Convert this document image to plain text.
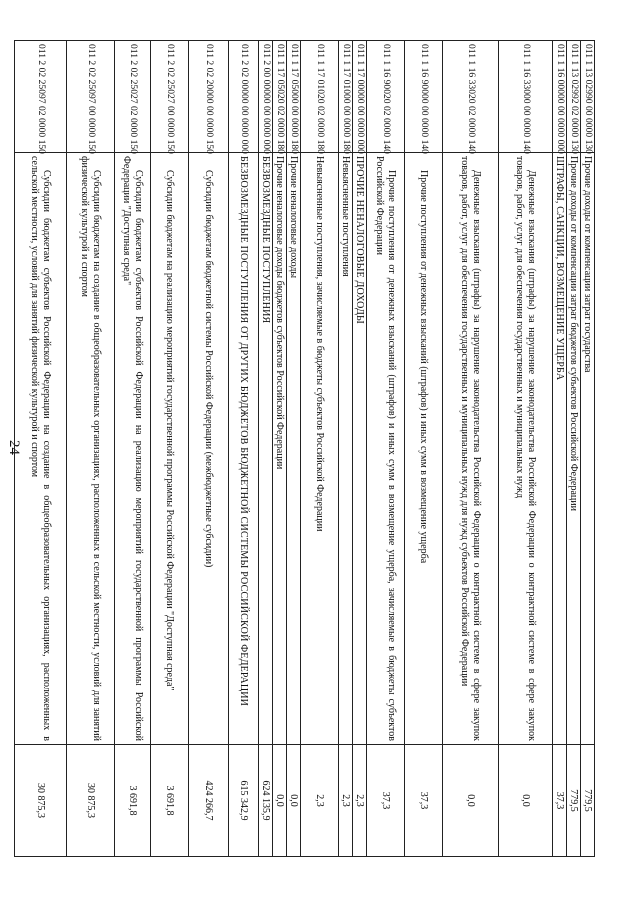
24
011 1 13 02990 00 0000 130	Прочие доходы от компенсации затрат государства	779,5
011 1 13 02992 02 0000 130	Прочие доходы от компенсации затрат бюджетов субъектов Российской Федерации	779,5
011 1 16 00000 00 0000 000	ШТРАФЫ, САНКЦИИ, ВОЗМЕЩЕНИЕ УЩЕРБА	37,3
011 1 16 33000 00 0000 140	Денежные взыскания (штрафы) за нарушение законодательства Российской Федерации о контрактной системе в сфере закупок товаров, работ, услуг для обеспечения государственных и муниципальных нужд	0,0
011 1 16 33020 02 0000 140	Денежные взыскания (штрафы) за нарушение законодательства Российской Федерации о контрактной системе в сфере закупок товаров, работ, услуг для обеспечения государственных и муниципальных нужд для нужд субъектов Российской Федерации	0,0
011 1 16 90000 00 0000 140	Прочие поступления от денежных взысканий (штрафов) и иных сумм в возмещение ущерба	37,3
011 1 16 90020 02 0000 140	Прочие поступления от денежных взысканий (штрафов) и иных сумм в возмещение ущерба, зачисляемые в бюджеты субъектов Российской Федерации	37,3
011 1 17 00000 00 0000 000	ПРОЧИЕ НЕНАЛОГОВЫЕ ДОХОДЫ	2,3
011 1 17 01000 00 0000 180	Невыясненные поступления	2,3
011 1 17 01020 02 0000 180	Невыясненные поступления, зачисляемые в бюджеты субъектов Российской Федерации	2,3
011 1 17 05000 00 0000 180	Прочие неналоговые доходы	0,0
011 1 17 05020 02 0000 180	Прочие неналоговые доходы бюджетов субъектов Российской Федерации	0,0
011 2 00 00000 00 0000 000	БЕЗВОЗМЕЗДНЫЕ ПОСТУПЛЕНИЯ	624 135,9
011 2 02 00000 00 0000 000	БЕЗВОЗМЕЗДНЫЕ ПОСТУПЛЕНИЯ ОТ ДРУГИХ БЮДЖЕТОВ БЮДЖЕТНОЙ СИСТЕМЫ РОССИЙСКОЙ ФЕДЕРАЦИИ	615 342,9
011 2 02 20000 00 0000 150	Субсидии бюджетам бюджетной системы Российской Федерации (межбюджетные субсидии)	424 266,7
011 2 02 25027 00 0000 150	Субсидии бюджетам на реализацию мероприятий государственной программы Российской Федерации "Доступная среда"	3 691,8
011 2 02 25027 02 0000 150	Субсидии бюджетам субъектов Российской Федерации на реализацию мероприятий государственной программы Российской Федерации "Доступная среда"	3 691,8
011 2 02 25097 00 0000 150	Субсидии бюджетам на создание в общеобразовательных организациях, расположенных в сельской местности, условий для занятий физической культурой и спортом	30 875,3
011 2 02 25097 02 0000 150	Субсидии бюджетам субъектов Российской Федерации на создание в общеобразовательных организациях, расположенных в сельской местности, условий для занятий физической культурой и спортом	30 875,3
